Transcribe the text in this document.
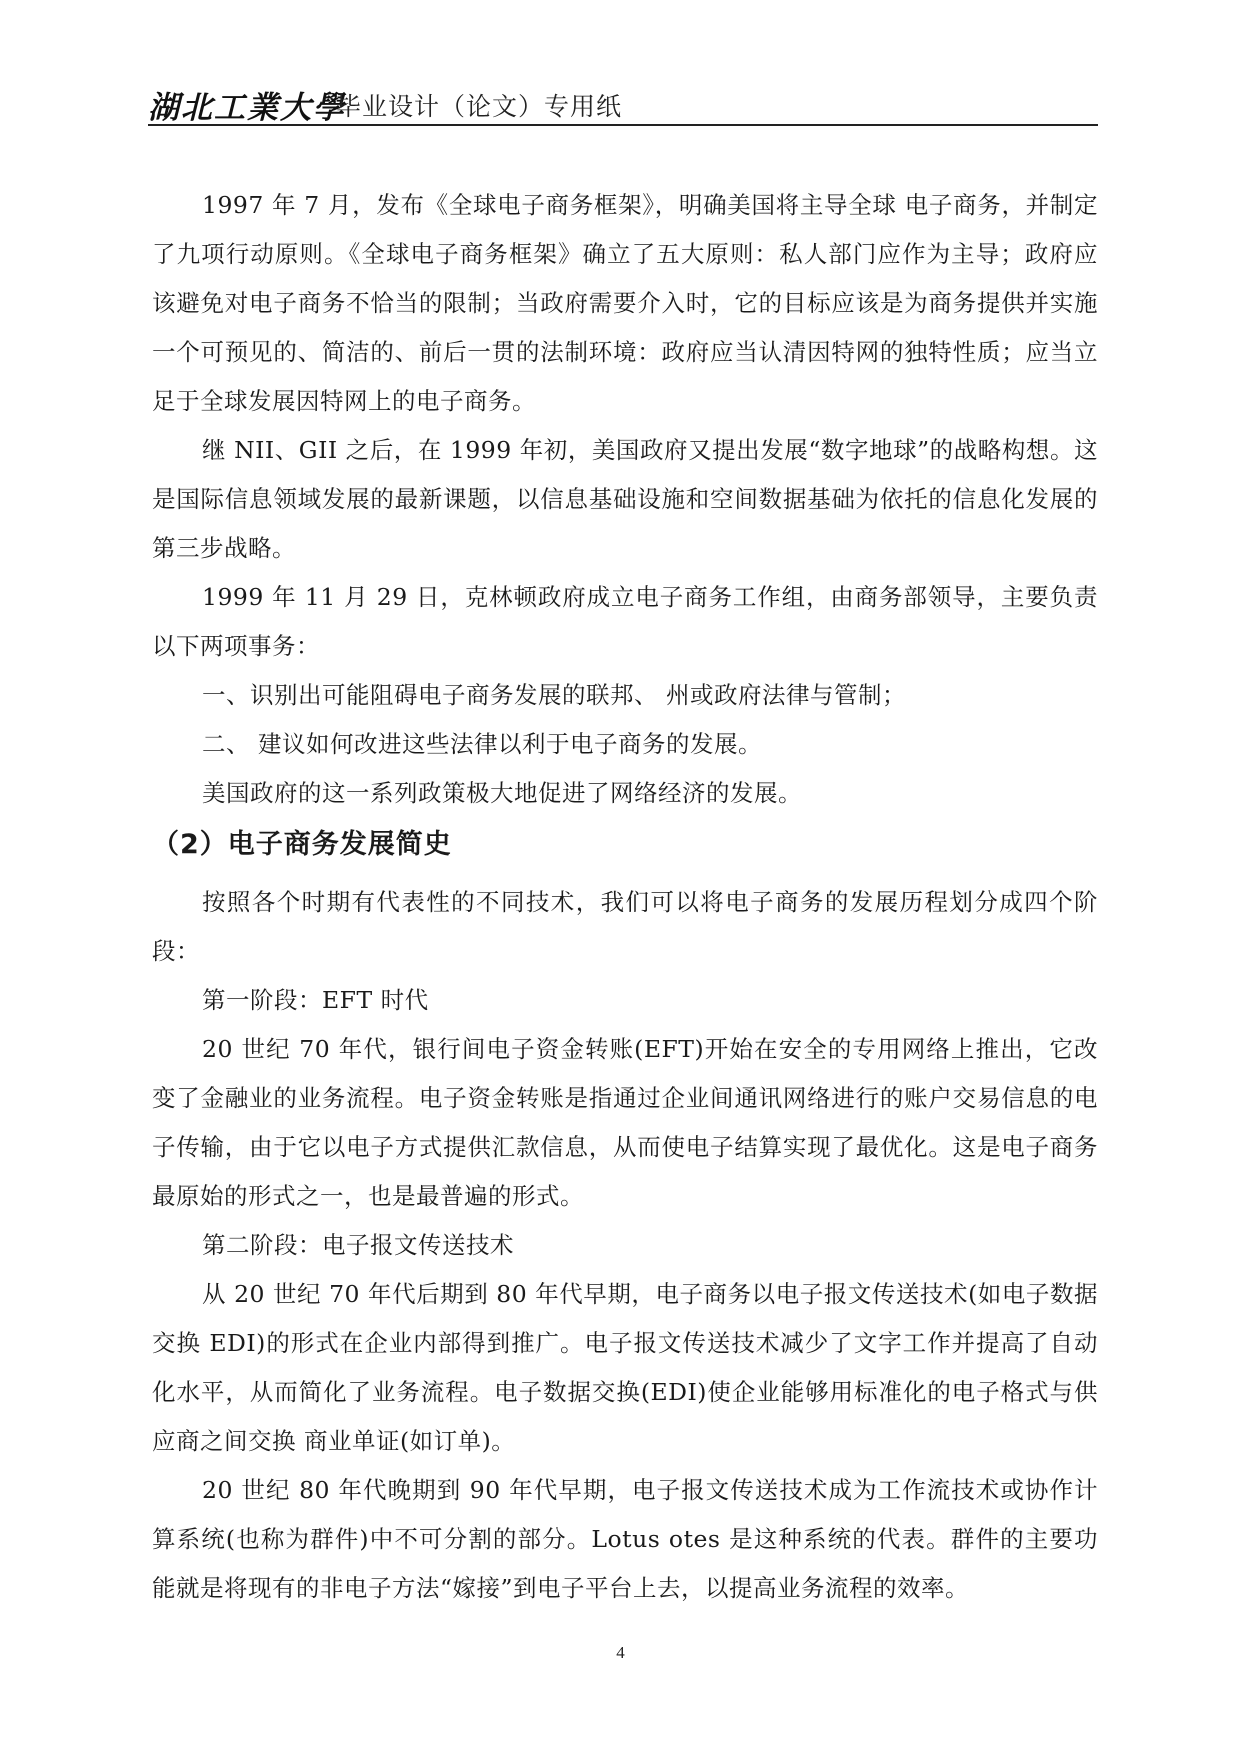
湖北工業大學
毕业设计（论文）专用纸

1997 年 7 月，发布《全球电子商务框架》，明确美国将主导全球 电子商务，并制定了九项行动原则。《全球电子商务框架》确立了五大原则：私人部门应作为主导；政府应该避免对电子商务不恰当的限制；当政府需要介入时，它的目标应该是为商务提供并实施一个可预见的、简洁的、前后一贯的法制环境：政府应当认清因特网的独特性质；应当立足于全球发展因特网上的电子商务。

继 NII、GII 之后，在 1999 年初，美国政府又提出发展“数字地球”的战略构想。这是国际信息领域发展的最新课题，以信息基础设施和空间数据基础为依托的信息化发展的第三步战略。

1999 年 11 月 29 日，克林顿政府成立电子商务工作组，由商务部领导，主要负责以下两项事务：

一、识别出可能阻碍电子商务发展的联邦、 州或政府法律与管制；

二、 建议如何改进这些法律以利于电子商务的发展。

美国政府的这一系列政策极大地促进了网络经济的发展。

（2）电子商务发展简史

按照各个时期有代表性的不同技术，我们可以将电子商务的发展历程划分成四个阶段：

第一阶段：EFT 时代

20 世纪 70 年代，银行间电子资金转账(EFT)开始在安全的专用网络上推出，它改变了金融业的业务流程。电子资金转账是指通过企业间通讯网络进行的账户交易信息的电子传输，由于它以电子方式提供汇款信息，从而使电子结算实现了最优化。这是电子商务最原始的形式之一，也是最普遍的形式。

第二阶段：电子报文传送技术

从 20 世纪 70 年代后期到 80 年代早期，电子商务以电子报文传送技术(如电子数据交换 EDI)的形式在企业内部得到推广。电子报文传送技术减少了文字工作并提高了自动化水平，从而简化了业务流程。电子数据交换(EDI)使企业能够用标准化的电子格式与供应商之间交换 商业单证(如订单)。

20 世纪 80 年代晚期到 90 年代早期，电子报文传送技术成为工作流技术或协作计算系统(也称为群件)中不可分割的部分。Lotus otes 是这种系统的代表。群件的主要功能就是将现有的非电子方法“嫁接”到电子平台上去，以提高业务流程的效率。

4
